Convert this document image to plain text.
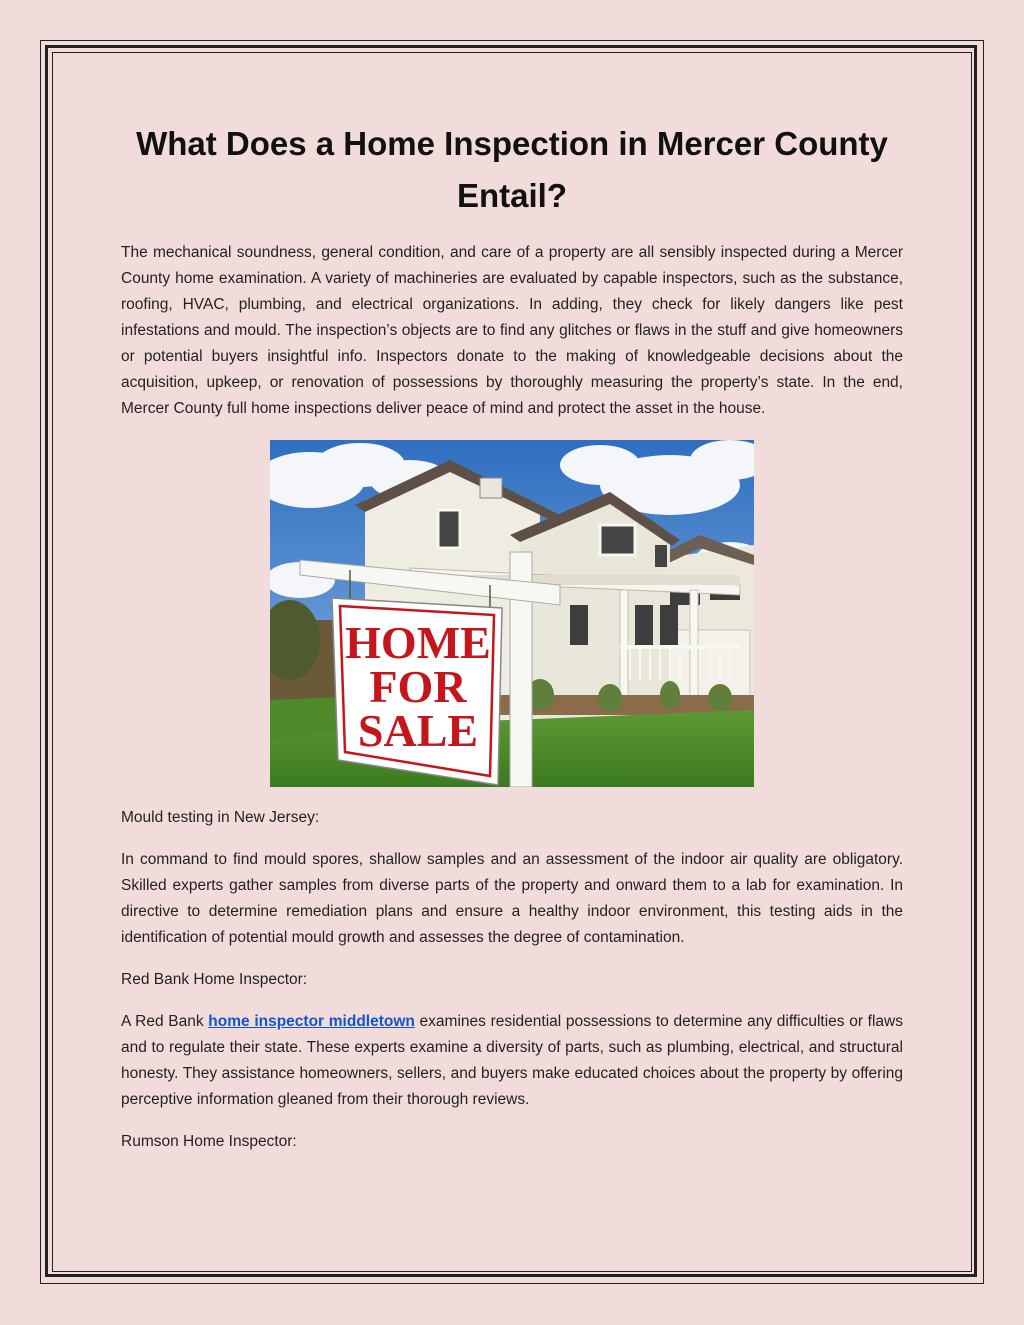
What Does a Home Inspection in Mercer County Entail?

The mechanical soundness, general condition, and care of a property are all sensibly inspected during a Mercer County home examination. A variety of machineries are evaluated by capable inspectors, such as the substance, roofing, HVAC, plumbing, and electrical organizations. In adding, they check for likely dangers like pest infestations and mould. The inspection’s objects are to find any glitches or flaws in the stuff and give homeowners or potential buyers insightful info. Inspectors donate to the making of knowledgeable decisions about the acquisition, upkeep, or renovation of possessions by thoroughly measuring the property’s state. In the end, Mercer County full home inspections deliver peace of mind and protect the asset in the house.

HOME
FOR
SALE

Mould testing in New Jersey:

In command to find mould spores, shallow samples and an assessment of the indoor air quality are obligatory. Skilled experts gather samples from diverse parts of the property and onward them to a lab for examination. In directive to determine remediation plans and ensure a healthy indoor environment, this testing aids in the identification of potential mould growth and assesses the degree of contamination.

Red Bank Home Inspector:

A Red Bank home inspector middletown examines residential possessions to determine any difficulties or flaws and to regulate their state. These experts examine a diversity of parts, such as plumbing, electrical, and structural honesty. They assistance homeowners, sellers, and buyers make educated choices about the property by offering perceptive information gleaned from their thorough reviews.

Rumson Home Inspector:
